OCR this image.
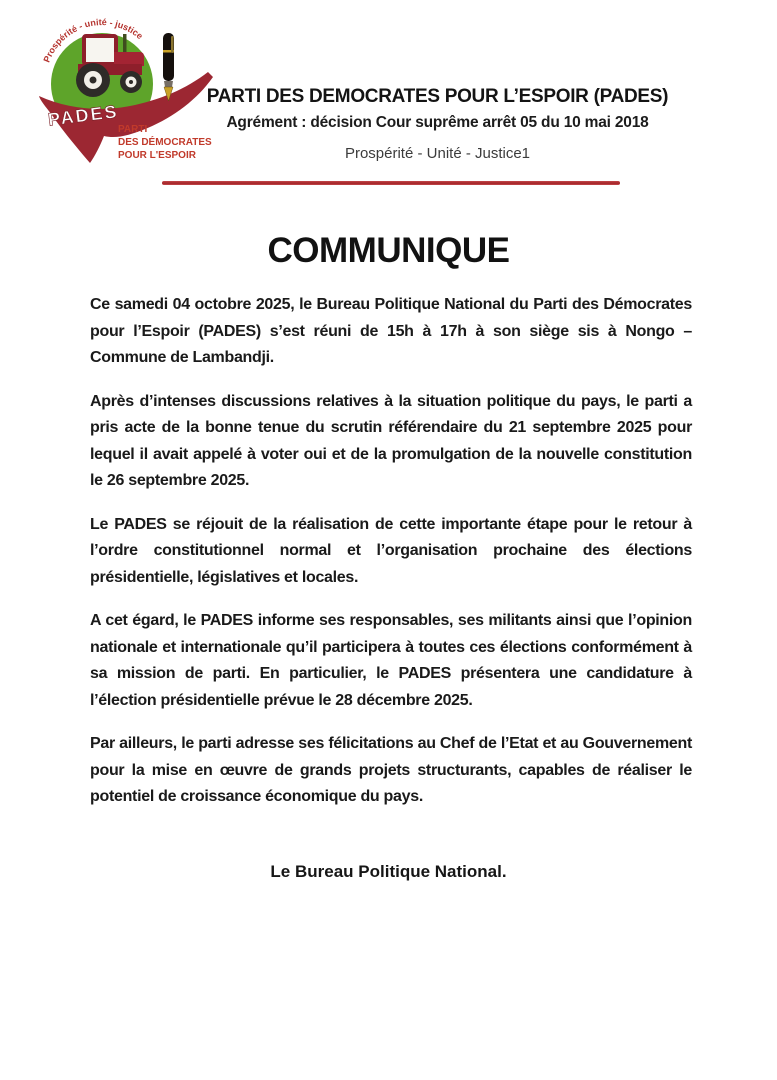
Prospérité - unité - justice
PADES
PARTI
DES DÉMOCRATES
POUR L'ESPOIR
PARTI DES DEMOCRATES POUR L’ESPOIR (PADES)
Agrément : décision Cour suprême arrêt 05 du 10 mai 2018

Prospérité - Unité - Justice1

COMMUNIQUE

Ce samedi 04 octobre 2025, le Bureau Politique National du Parti des Démocrates pour l’Espoir (PADES) s’est réuni de 15h à 17h à son siège sis à Nongo – Commune de Lambandji.

Après d’intenses discussions relatives à la situation politique du pays, le parti a pris acte de la bonne tenue du scrutin référendaire du 21 septembre 2025 pour lequel il avait appelé à voter oui et de la promulgation de la nouvelle constitution le 26 septembre 2025.

Le PADES se réjouit de la réalisation de cette importante étape pour le retour à l’ordre constitutionnel normal et l’organisation prochaine des élections présidentielle, législatives et locales.

A cet égard, le PADES informe ses responsables, ses militants ainsi que l’opinion nationale et internationale qu’il participera à toutes ces élections conformément à sa mission de parti. En particulier, le PADES présentera une candidature à l’élection présidentielle prévue le 28 décembre 2025.

Par ailleurs, le parti adresse ses félicitations au Chef de l’Etat et au Gouvernement pour la mise en œuvre de grands projets structurants, capables de réaliser le potentiel de croissance économique du pays.

Le Bureau Politique National.
